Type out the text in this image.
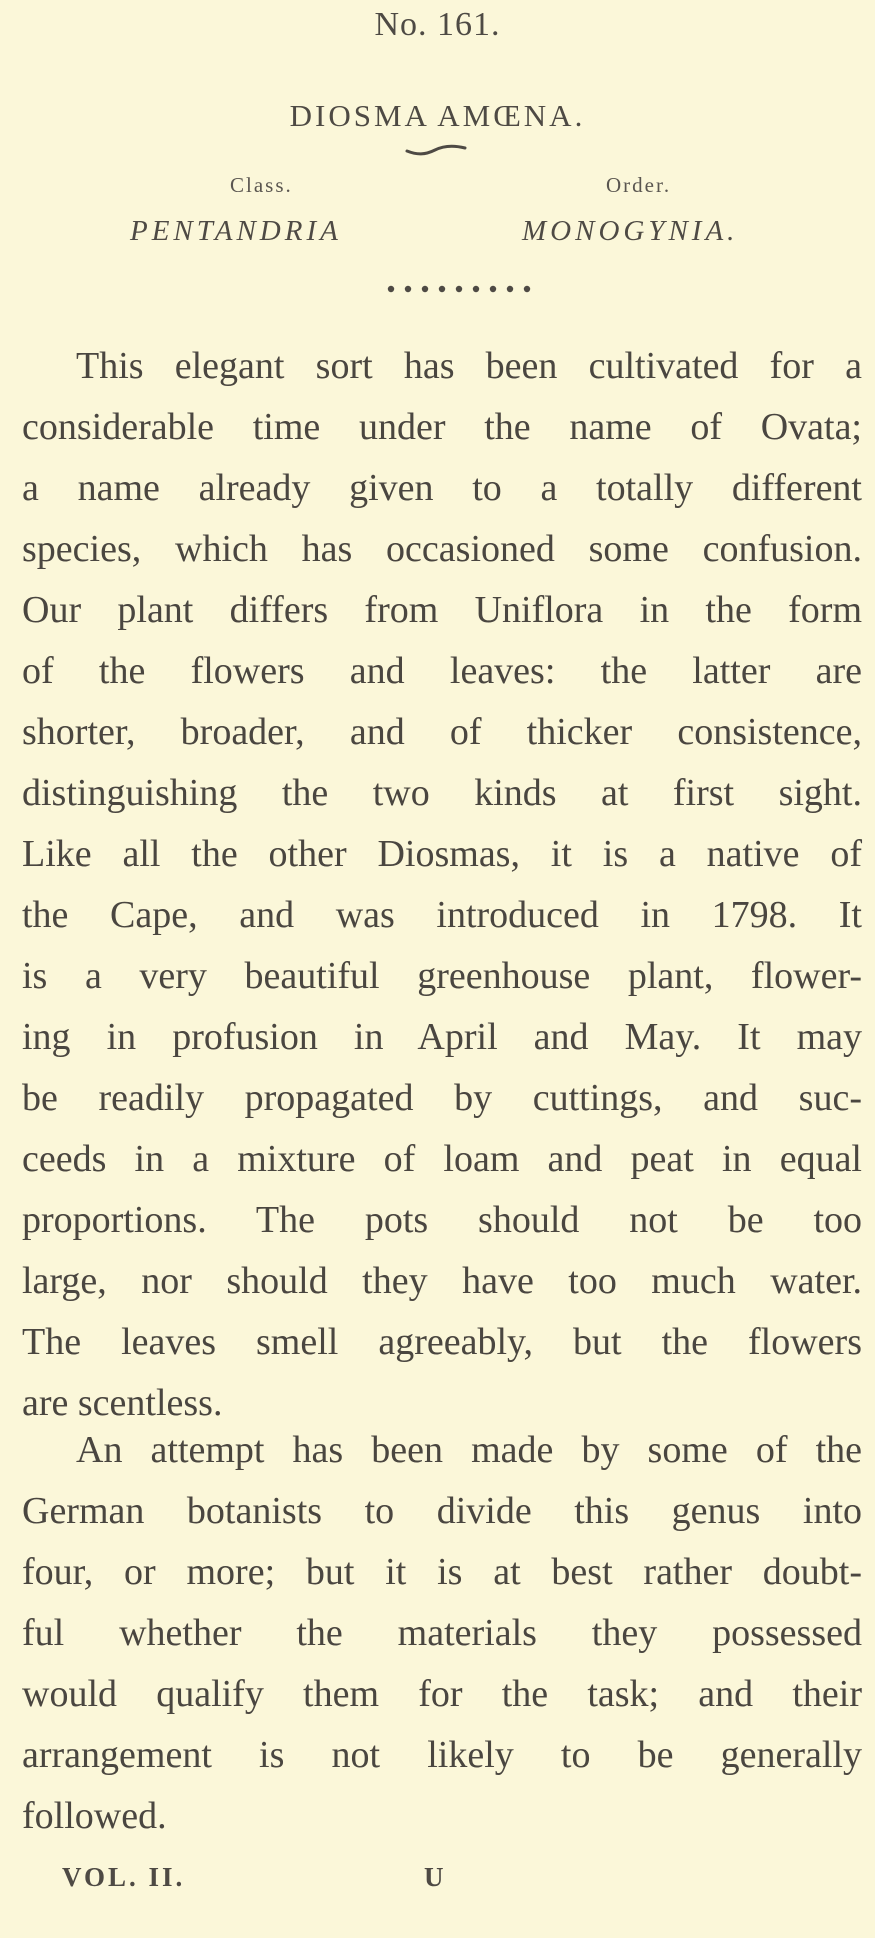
No. 161.
DIOSMA AMŒNA.
Class.	Order.
PENTANDRIA	MONOGYNIA.
This elegant sort has been cultivated for a
considerable time under the name of Ovata;
a name already given to a totally different
species, which has occasioned some confusion.
Our plant differs from Uniflora in the form
of the flowers and leaves: the latter are
shorter, broader, and of thicker consistence,
distinguishing the two kinds at first sight.
Like all the other Diosmas, it is a native of
the Cape, and was introduced in 1798. It
is a very beautiful greenhouse plant, flower-
ing in profusion in April and May. It may
be readily propagated by cuttings, and suc-
ceeds in a mixture of loam and peat in equal
proportions. The pots should not be too
large, nor should they have too much water.
The leaves smell agreeably, but the flowers
are scentless.
An attempt has been made by some of the
German botanists to divide this genus into
four, or more; but it is at best rather doubt-
ful whether the materials they possessed
would qualify them for the task; and their
arrangement is not likely to be generally
followed.
VOL. II.	U
